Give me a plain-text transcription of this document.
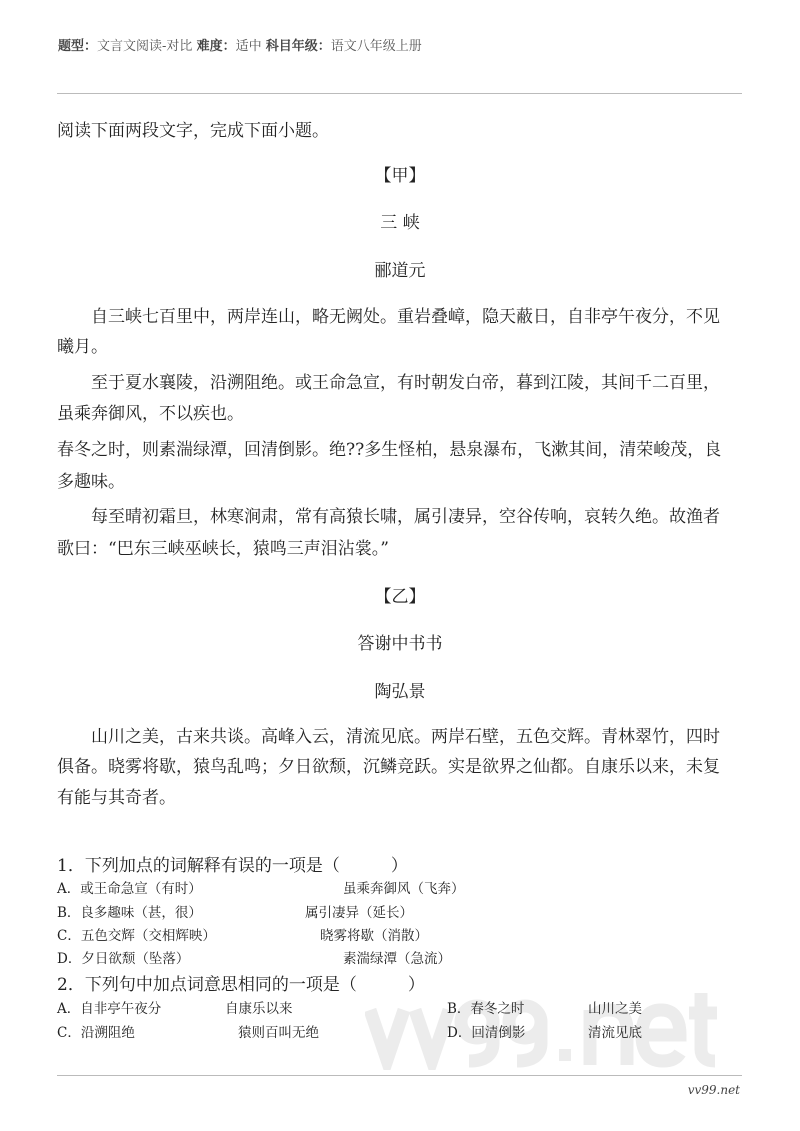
题型：文言文阅读-对比 难度：适中 科目年级：语文八年级上册
阅读下面两段文字，完成下面小题。
【甲】
三 峡
郦道元
　　自三峡七百里中，两岸连山，略无阙处。重岩叠嶂，隐天蔽日，自非亭午夜分，不见
曦月。
　　至于夏水襄陵，沿溯阻绝。或王命急宣，有时朝发白帝，暮到江陵，其间千二百里，
虽乘奔御风，不以疾也。
春冬之时，则素湍绿潭，回清倒影。绝??多生怪柏，悬泉瀑布，飞漱其间，清荣峻茂，良
多趣味。
　　每至晴初霜旦，林寒涧肃，常有高猿长啸，属引凄异，空谷传响，哀转久绝。故渔者
歌曰：“巴东三峡巫峡长，猿鸣三声泪沾裳。”
【乙】
答谢中书书
陶弘景
　　山川之美，古来共谈。高峰入云，清流见底。两岸石壁，五色交辉。青林翠竹，四时
俱备。晓雾将歇，猿鸟乱鸣；夕日欲颓，沉鳞竞跃。实是欲界之仙都。自康乐以来，未复
有能与其奇者。
1．下列加点的词解释有误的一项是（　　　）
A．或王命急宣（有时）	虽乘奔御风（飞奔）
B．良多趣味（甚，很）	属引凄异（延长）
C．五色交辉（交相辉映）	晓雾将歇（消散）
D．夕日欲颓（坠落）	素湍绿潭（急流）
2．下列句中加点词意思相同的一项是（　　　）
A．自非亭午夜分	自康乐以来	B．春冬之时	山川之美
C．沿溯阻绝	猿则百叫无绝	D．回清倒影	清流见底
vv99.net
